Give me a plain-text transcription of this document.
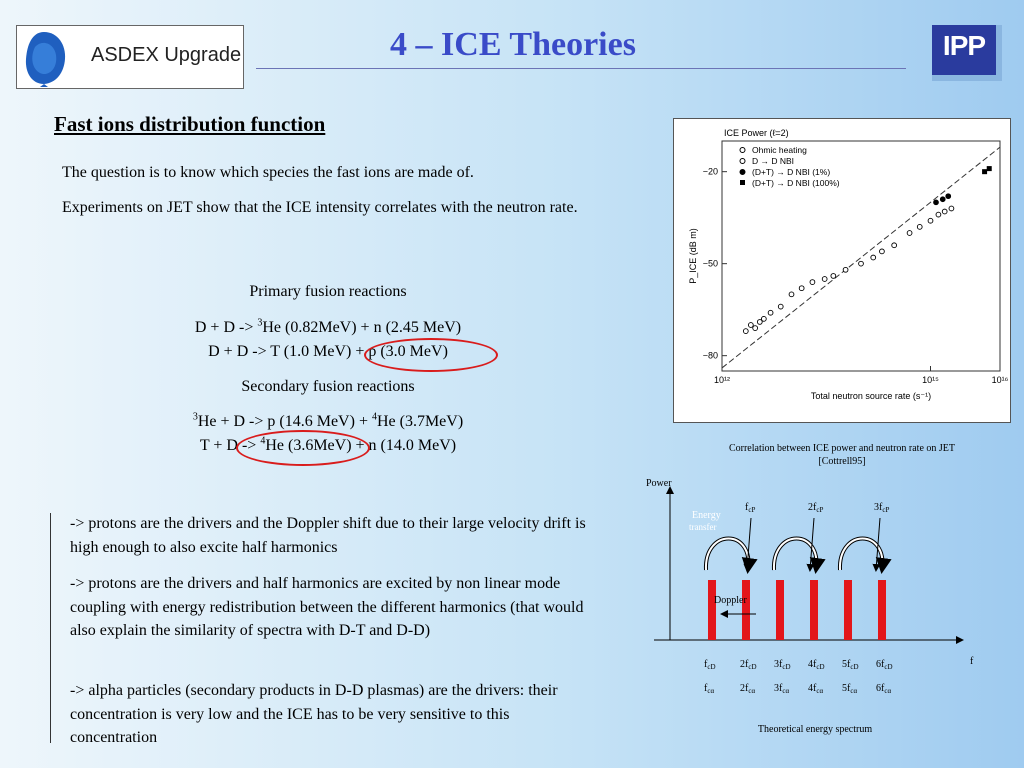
ASDEX Upgrade	4 – ICE Theories	IPP
Fast ions distribution function
The question is to know which species the fast ions are made of.
Experiments on JET show that the ICE intensity correlates with the neutron rate.
Primary fusion reactions
D + D -> $^3$He (0.82MeV) + n (2.45 MeV)
D + D -> T (1.0 MeV) + p (3.0 MeV)
Secondary fusion reactions
$^3$He + D -> p (14.6 MeV) + $^4$He (3.7MeV)
T + D -> $^4$He (3.6MeV) + n (14.0 MeV)
-> protons are the drivers and the Doppler shift due to their large velocity drift is high enough to also excite half harmonics
-> protons are the drivers and half harmonics are excited by non linear mode coupling with energy redistribution between the different harmonics (that would also explain the similarity of spectra with D-T and D-D)
-> alpha particles (secondary products in D-D plasmas) are the drivers: their concentration is very low and the ICE has to be very sensitive to this concentration
ICE Power (ℓ=2)
−20
−50
−80
10¹²	10¹⁵	10¹⁶
Total neutron source rate (s⁻¹)
P_ICE (dB m)
Ohmic heating
D → D NBI
(D+T) → D NBI (1%)
(D+T) → D NBI (100%)
Correlation between ICE power and neutron rate on JET [Cottrell95]
Power
f
Energy
transfer
$f_{cP}$	$2f_{cP}$	$3f_{cP}$
Doppler
$f_{cD}$ $2f_{cD}$ $3f_{cD}$ $4f_{cD}$ $5f_{cD}$ $6f_{cD}$
$f_{c\alpha}$	$2f_{c\alpha}$ $3f_{c\alpha}$ $4f_{c\alpha}$ $5f_{c\alpha}$ $6f_{c\alpha}$
Theoretical energy spectrum
